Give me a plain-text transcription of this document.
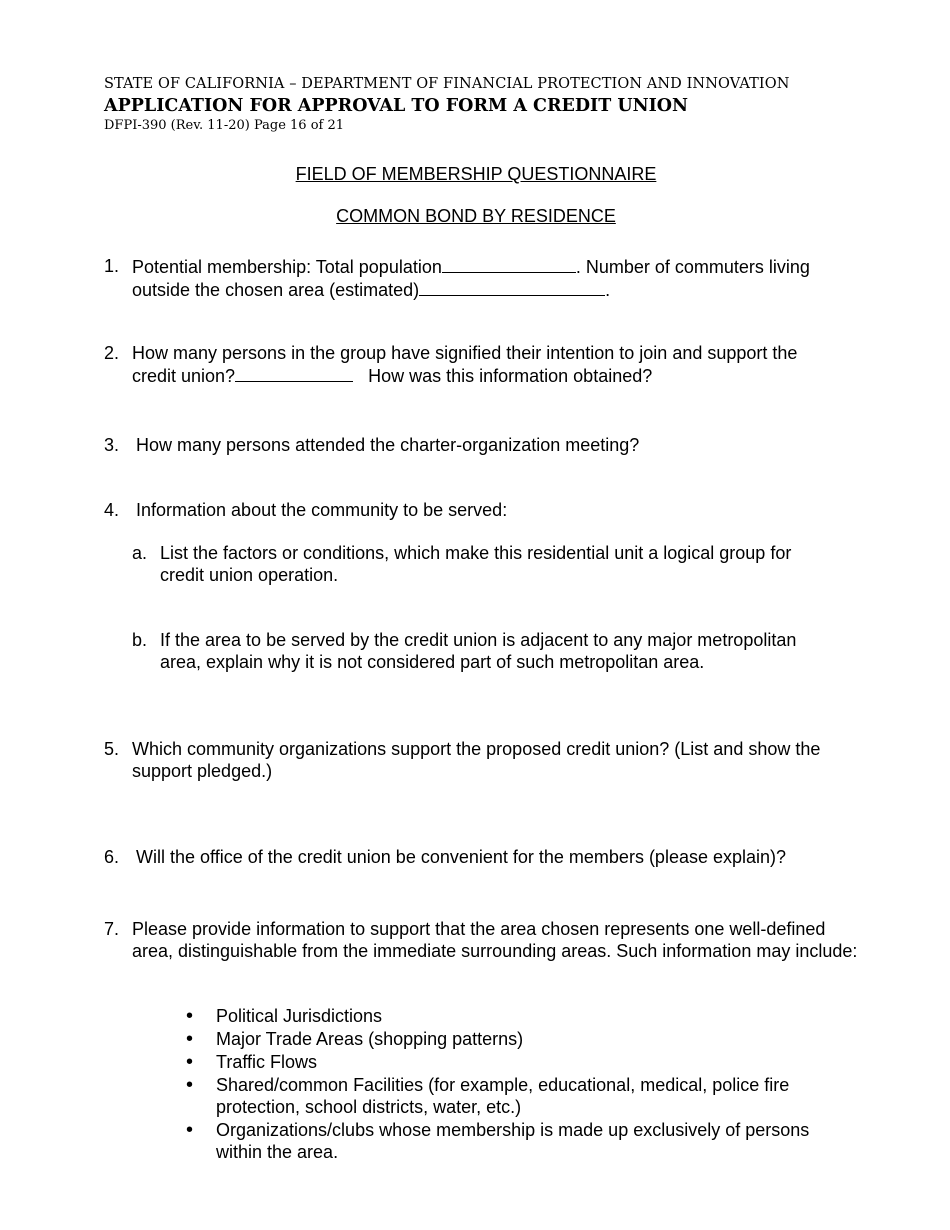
STATE OF CALIFORNIA – DEPARTMENT OF FINANCIAL PROTECTION AND INNOVATION
APPLICATION FOR APPROVAL TO FORM A CREDIT UNION
DFPI-390 (Rev. 11-20) Page 16 of 21
FIELD OF MEMBERSHIP QUESTIONNAIRE
COMMON BOND BY RESIDENCE
1. Potential membership: Total population	. Number of commuters living
outside the chosen area (estimated)	.
2. How many persons in the group have signified their intention to join and support the
credit union?	How was this information obtained?
3. How many persons attended the charter-organization meeting?
4. Information about the community to be served:
a. List the factors or conditions, which make this residential unit a logical group for credit union operation.
b. If the area to be served by the credit union is adjacent to any major metropolitan area, explain why it is not considered part of such metropolitan area.
5. Which community organizations support the proposed credit union? (List and show the support pledged.)
6. Will the office of the credit union be convenient for the members (please explain)?
7. Please provide information to support that the area chosen represents one well-defined area, distinguishable from the immediate surrounding areas. Such information may include:
• Political Jurisdictions
• Major Trade Areas (shopping patterns)
• Traffic Flows
• Shared/common Facilities (for example, educational, medical, police fire protection, school districts, water, etc.)
• Organizations/clubs whose membership is made up exclusively of persons within the area.
